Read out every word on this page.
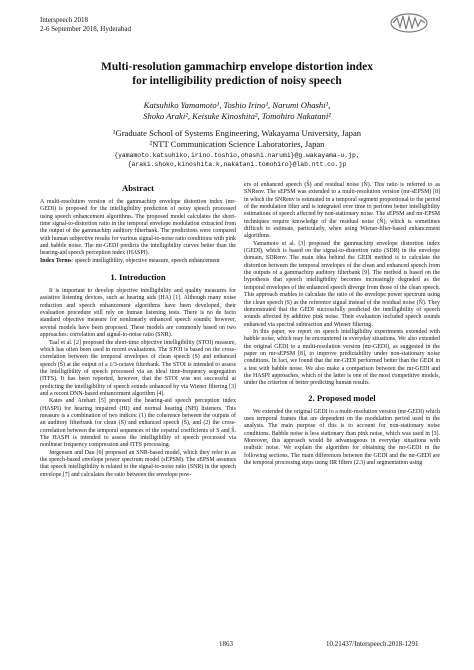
Interspeech 2018
2-6 September 2018, Hyderabad
Multi-resolution gammachirp envelope distortion index
for intelligibility prediction of noisy speech
Katsuhiko Yamamoto¹, Toshio Irino¹, Narumi Ohashi¹,
Shoko Araki², Keisuke Kinoshita², Tomohiro Nakatani²
¹Graduate School of Systems Engineering, Wakayama University, Japan
²NTT Communication Science Laboratories, Japan
{yamamoto.katsuhiko,irino.toshio,ohashi.narumi}@g.wakayama-u.jp,
{araki.shoko,kinoshita.k,nakatani.tomohiro}@lab.ntt.co.jp
Abstract

A multi-resolution version of the gammachirp envelope distortion index (mr-GEDI) is proposed for the intelligibility prediction of noisy speech processed using speech enhancement algorithms. The proposed model calculates the short-time signal-to-distortion ratio in the temporal envelope modulation extracted from the output of the gammachirp auditory filterbank. The predictions were compared with human subjective results for various signal-to-noise ratio conditions with pink and babble noise. The mr-GEDI predicts the intelligibility curves better than the hearing-aid speech perception index (HASPI).

Index Terms: speech intelligibility, objective measure, speech enhancement

1. Introduction

It is important to develop objective intelligibility and quality measures for assistive listening devices, such as hearing aids (HA) [1]. Although many noise reduction and speech enhancement algorithms have been developed, their evaluation procedure still rely on human listening tests. There is no de facto standard objective measure for nonlinearly enhanced speech sounds; however, several models have been proposed. These models are commonly based on two approaches: correlation and signal-to-noise ratio (SNR).

Taal et al. [2] proposed the short-time objective intelligibility (STOI) measure, which has often been used in recent evaluations. The STOI is based on the cross-correlation between the temporal envelopes of clean speech (S) and enhanced speech (Ŝ) at the output of a 1/3-octave filterbank. The STOI is intended to assess the intelligibility of speech processed via an ideal time-frequency segregation (ITFS). It has been reported, however, that the STOI was not successful at predicting the intelligibility of speech sounds enhanced by via Wiener filtering [3] and a recent DNN-based enhancement algorithm [4].

Kates and Arehart [5] proposed the hearing-aid speech perception index (HASPI) for hearing impaired (HI) and normal hearing (NH) listeners. This measure is a combination of two indices: (1) the coherence between the outputs of an auditory filterbank for clean (S) and enhanced speech (Ŝ), and (2) the cross-correlation between the temporal sequences of the cepstral coefficients of S and Ŝ. The HASPI is intended to assess the intelligibility of speech processed via nonlinear frequency compression and ITFS processing.

Jørgensen and Dau [6] proposed an SNR-based model, which they refer to as the speech-based envelope power spectrum model (sEPSM). The sEPSM assumes that speech intelligibility is related to the signal-to-noise ratio (SNR) in the speech envelope [7] and calculates the ratio between the envelope pow-

ers of enhanced speech (Ŝ) and residual noise (N̂). This ratio is referred to as SNRenv. The sEPSM was extended to a multi-resolution version (mr-sEPSM) [8] in which the SNRenv is estimated in a temporal segment proportional to the period of the modulation filter and is integrated over time to perform better intelligibility estimations of speech affected by non-stationary noise. The sEPSM and mr-EPSM techniques require knowledge of the residual noise (N̂), which is sometimes difficult to estimate, particularly, when using Wiener-filter-based enhancement algorithms.

Yamamoto et al. [3] proposed the gammachirp envelope distortion index (GEDI), which is based on the signal-to-distortion ratio (SDR) in the envelope domain, SDRenv. The main idea behind the GEDI method is to calculate the distortion between the temporal envelopes of the clean and enhanced speech from the outputs of a gammachirp auditory filterbank [9]. The method is based on the hypothesis that speech intelligibility becomes increasingly degraded as the temporal envelopes of the enhanced speech diverge from those of the clean speech. This approach enables to calculate the ratio of the envelope power spectrum using the clean speech (S) as the reference signal instead of the residual noise (N̂). They demonstrated that the GEDI successfully predicted the intelligibility of speech sounds affected by additive pink noise. Their evaluation included speech sounds enhanced via spectral subtraction and Wiener filtering.

In this paper, we report on speech intelligibility experiments extended with babble noise, which may be encountered in everyday situations. We also extended the original GEDI to a multi-resolution version (mr-GEDI), as suggested in the paper on mr-sEPSM [8], to improve predictability under non-stationary noise conditions. In fact, we found that the mr-GEDI performed better than the GEDI in a test with babble noise. We also make a comparison between the mr-GEDI and the HASPI approaches, which of the latter is one of the most competitive models, under the criterion of better predicting human results.

2. Proposed model

We extended the original GEDI to a multi-resolution version (mr-GEDI) which uses temporal frames that are dependent on the modulation period used in the analysis. The main purpose of this is to account for non-stationary noise conditions. Babble noise is less stationary than pink noise, which was used in [3]. Moreover, this approach would be advantageous in everyday situations with realistic noise. We explain the algorithm for obtaining the mr-GEDI in the following sections. The main differences between the GEDI and the mr-GEDI are the temporal processing steps using IIR filters (2.3) and segmentation using

1863	10.21437/Interspeech.2018-1291
